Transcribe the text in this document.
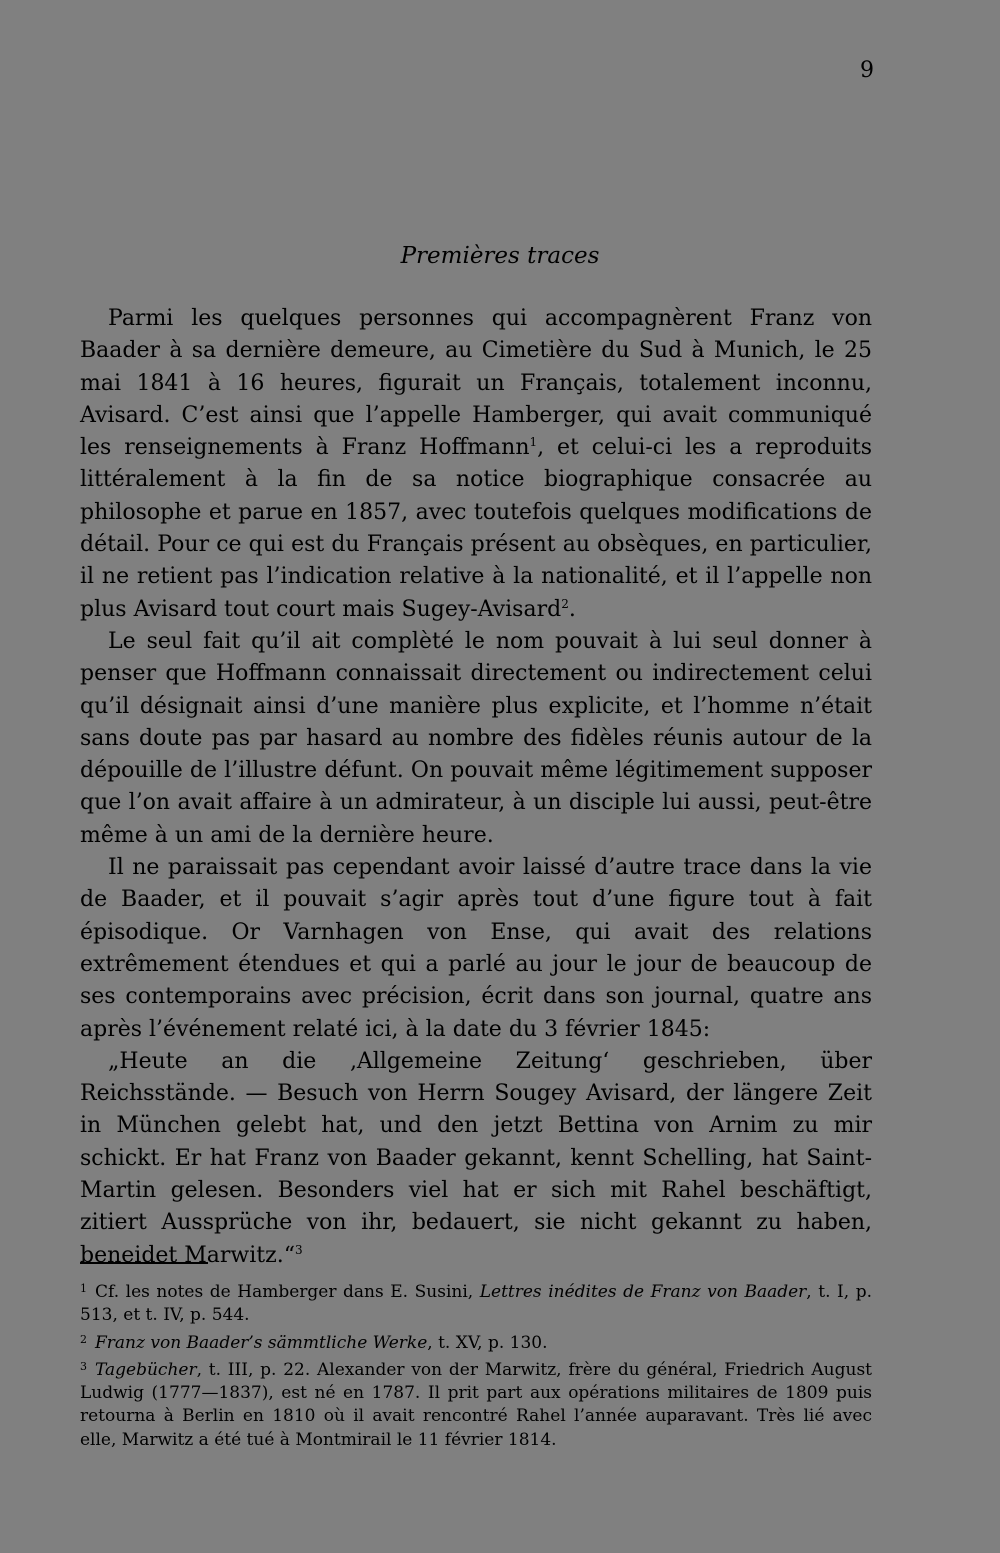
9

Premières traces

Parmi les quelques personnes qui accompagnèrent Franz von Baader à sa dernière demeure, au Cimetière du Sud à Munich, le 25 mai 1841 à 16 heures, figurait un Français, totalement inconnu, Avisard. C’est ainsi que l’appelle Hamberger, qui avait communiqué les renseignements à Franz Hoffmann$^1$, et celui-ci les a reproduits littéralement à la fin de sa notice biographique consacrée au philosophe et parue en 1857, avec toutefois quelques modifications de détail. Pour ce qui est du Français présent au obsèques, en particulier, il ne retient pas l’indication relative à la nationalité, et il l’appelle non plus Avisard tout court mais Sugey-Avisard$^2$.

Le seul fait qu’il ait complèté le nom pouvait à lui seul donner à penser que Hoffmann connaissait directement ou indirectement celui qu’il désignait ainsi d’une manière plus explicite, et l’homme n’était sans doute pas par hasard au nombre des fidèles réunis autour de la dépouille de l’illustre défunt. On pouvait même légitimement supposer que l’on avait affaire à un admirateur, à un disciple lui aussi, peut-être même à un ami de la dernière heure.

Il ne paraissait pas cependant avoir laissé d’autre trace dans la vie de Baader, et il pouvait s’agir après tout d’une figure tout à fait épisodique. Or Varnhagen von Ense, qui avait des relations extrêmement étendues et qui a parlé au jour le jour de beaucoup de ses contemporains avec précision, écrit dans son journal, quatre ans après l’événement relaté ici, à la date du 3 février 1845:

„Heute an die ‚Allgemeine Zeitung‘ geschrieben, über Reichsstände. — Besuch von Herrn Sougey Avisard, der längere Zeit in München gelebt hat, und den jetzt Bettina von Arnim zu mir schickt. Er hat Franz von Baader gekannt, kennt Schelling, hat Saint-Martin gelesen. Besonders viel hat er sich mit Rahel beschäftigt, zitiert Aussprüche von ihr, bedauert, sie nicht gekannt zu haben, beneidet Marwitz.“$^3$

$^1$ Cf. les notes de Hamberger dans E. Susini, Lettres inédites de Franz von Baader, t. I, p. 513, et t. IV, p. 544.

$^2$ Franz von Baader’s sämmtliche Werke, t. XV, p. 130.

$^3$ Tagebücher, t. III, p. 22. Alexander von der Marwitz, frère du général, Friedrich August Ludwig (1777—1837), est né en 1787. Il prit part aux opérations militaires de 1809 puis retourna à Berlin en 1810 où il avait rencontré Rahel l’année auparavant. Très lié avec elle, Marwitz a été tué à Montmirail le 11 février 1814.
